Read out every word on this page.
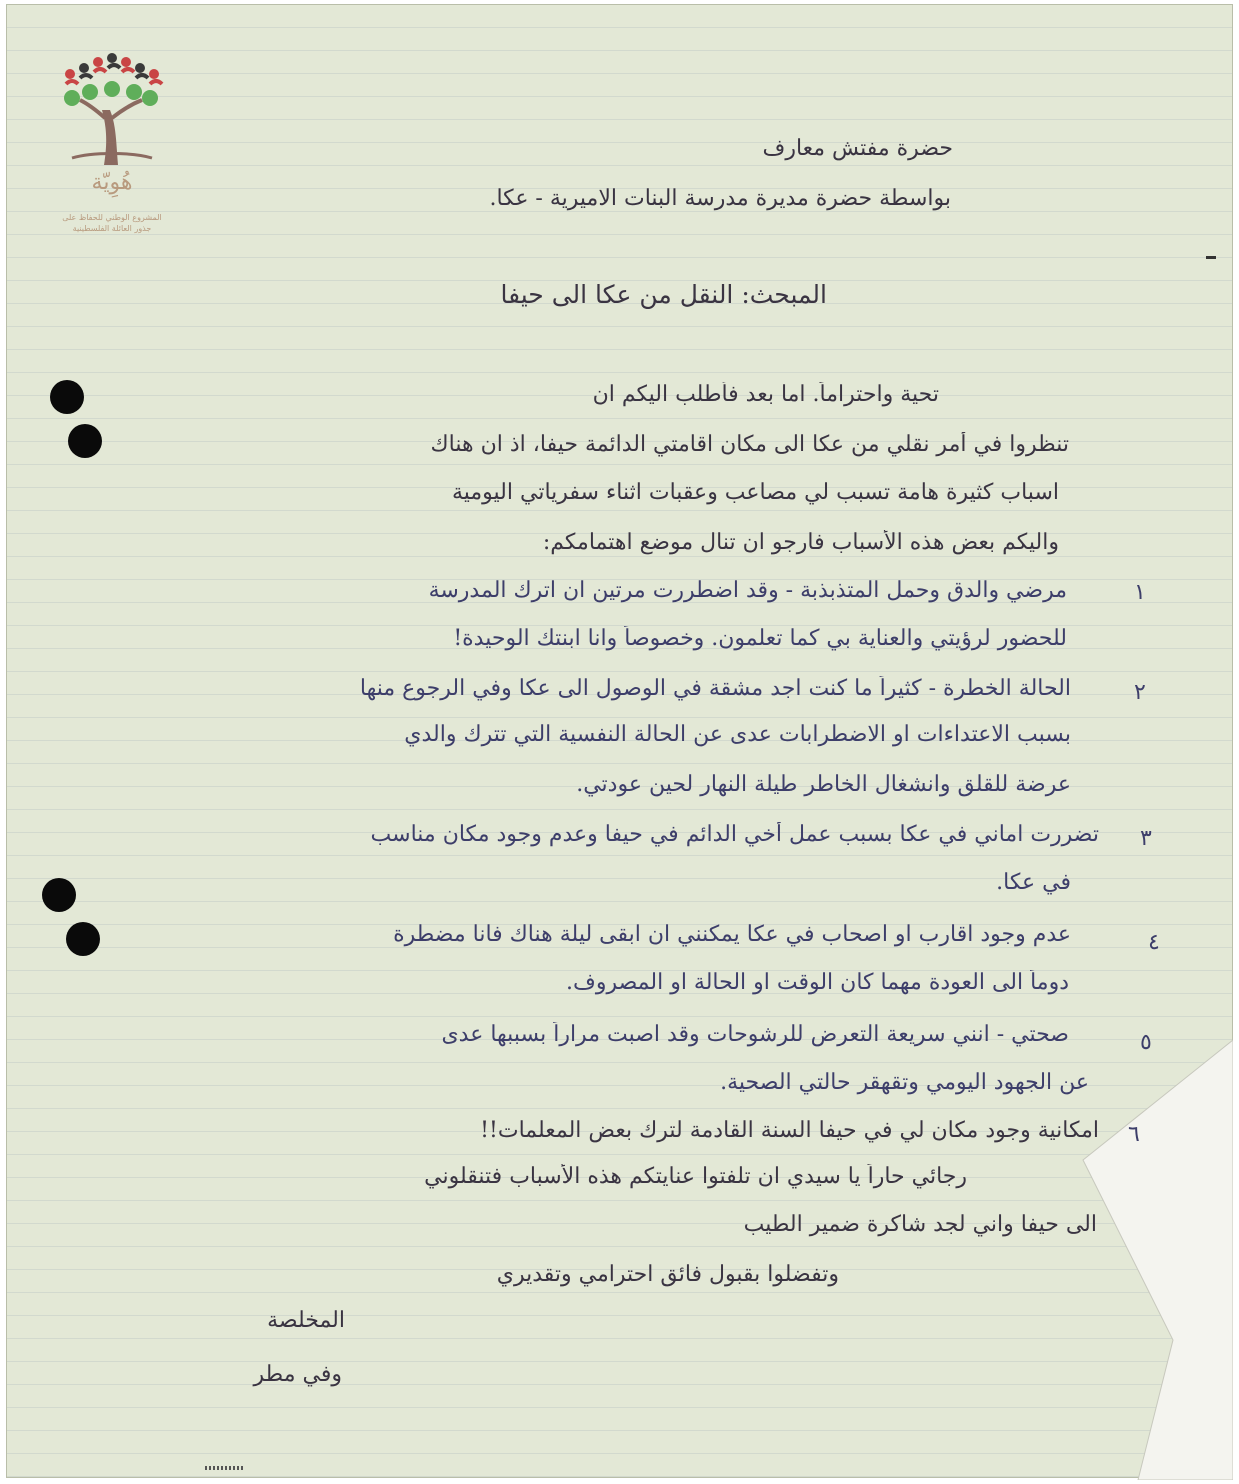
هُوِيّة
المشروع الوطني للحفاظ على
جذور العائلة الفلسطينية
حضرة مفتش معارف
بواسطة حضرة مديرة مدرسة البنات الاميرية - عكا.
المبحث: النقل من عكا الى حيفا
تحية واحتراماً. اما بعد فأطلب اليكم ان
تنظروا في أمر نقلي من عكا الى مكان اقامتي الدائمة حيفا، اذ ان هناك
اسباب كثيرة هامة تسبب لي مصاعب وعقبات اثناء سفرياتي اليومية
واليكم بعض هذه الأسباب فارجو ان تنال موضع اهتمامكم:
١
مرضي والدق وحمل المتذبذبة - وقد اضطررت مرتين ان اترك المدرسة
للحضور لرؤيتي والعناية بي كما تعلمون. وخصوصاً وانا ابنتك الوحيدة!
٢
الحالة الخطرة - كثيراً ما كنت اجد مشقة في الوصول الى عكا وفي الرجوع منها
بسبب الاعتداءات او الاضطرابات عدى عن الحالة النفسية التي تترك والدي
عرضة للقلق وانشغال الخاطر طيلة النهار لحين عودتي.
٣
تضررت اماني في عكا بسبب عمل أخي الدائم في حيفا وعدم وجود مكان مناسب
في عكا.
٤
عدم وجود اقارب او اصحاب في عكا يمكنني ان ابقى ليلة هناك فانا مضطرة
دوماً الى العودة مهما كان الوقت او الحالة او المصروف.
٥
صحتي - انني سريعة التعرض للرشوحات وقد اصبت مراراً بسببها عدى
عن الجهود اليومي وتقهقر حالتي الصحية.
٦
امكانية وجود مكان لي في حيفا السنة القادمة لترك بعض المعلمات!!
رجائي حاراً يا سيدي ان تلفتوا عنايتكم هذه الأسباب فتنقلوني
الى حيفا واني لجد شاكرة ضمير الطيب
وتفضلوا بقبول فائق احترامي وتقديري
المخلصة
وفي مطر
